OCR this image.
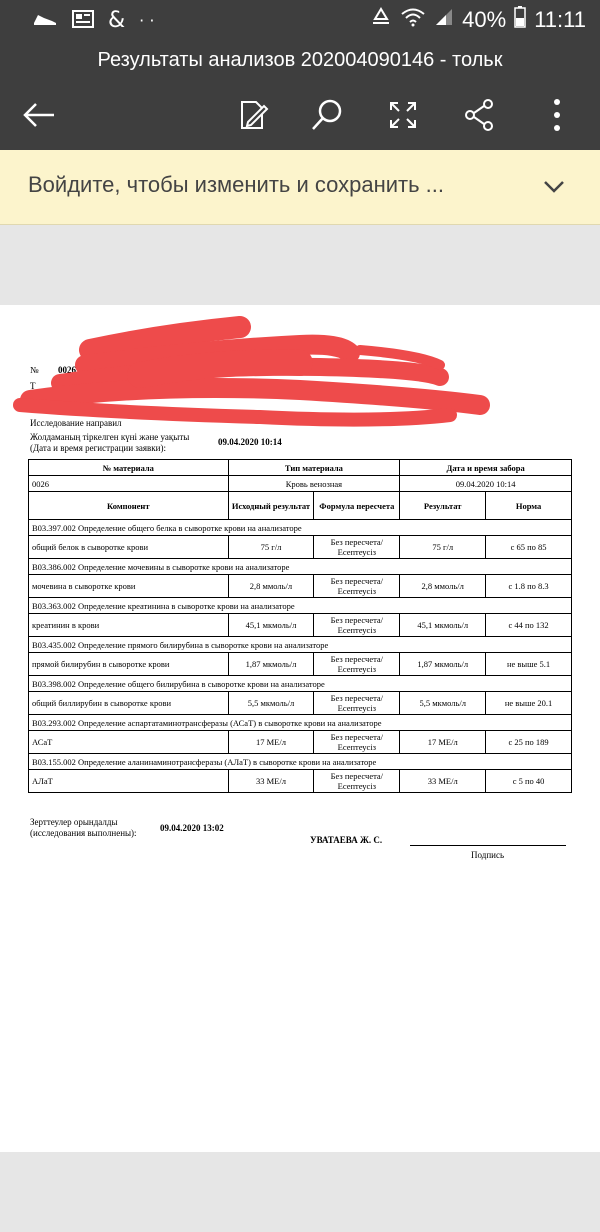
& · ·	40% 11:11
Результаты анализов 202004090146 - тольк
Войдите, чтобы изменить и сохранить ...
рская поли
№ 0026
Т
Туған күні
Исследование направил
Жолдаманың тіркелген күні және уақыты
(Дата и время регистрации заявки):
09.04.2020 10:14
№ материала	Тип материала		Дата и время забора	
0026	Кровь венозная		09.04.2020 10:14	
Компонент	Исходный результат	Формула пересчета	Результат	Норма
B03.397.002 Определение общего белка в сыворотке крови на анализаторе				
общий белок в сыворотке крови	75 г/л	Без пересчета/
Есептеусіз	75 г/л	с 65 по 85
B03.386.002 Определение мочевины в сыворотке крови на анализаторе				
мочевина в сыворотке крови	2,8 ммоль/л	Без пересчета/
Есептеусіз	2,8 ммоль/л	с 1.8 по 8.3
B03.363.002 Определение креатинина в сыворотке крови на анализаторе				
креатинин в крови	45,1 мкмоль/л	Без пересчета/
Есептеусіз	45,1 мкмоль/л	с 44 по 132
B03.435.002 Определение прямого билирубина в сыворотке крови на анализаторе				
прямой билирубин в сыворотке крови	1,87 мкмоль/л	Без пересчета/
Есептеусіз	1,87 мкмоль/л	не выше 5.1
B03.398.002 Определение общего билирубина в сыворотке крови на анализаторе				
общий биллирубин в сыворотке крови	5,5 мкмоль/л	Без пересчета/
Есептеусіз	5,5 мкмоль/л	не выше 20.1
B03.293.002 Определение аспартатаминотрансферазы (АСаТ) в сыворотке крови на анализаторе				
АСаТ	17 МЕ/л	Без пересчета/
Есептеусіз	17 МЕ/л	с 25 по 189
B03.155.002 Определение аланинаминотрансферазы (АЛаТ) в сыворотке крови на анализаторе				
АЛаТ	33 МЕ/л	Без пересчета/
Есептеусіз	33 МЕ/л	с 5 по 40
Зерттеулер орындалды
(исследования выполнены):	09.04.2020 13:02
УВАТАЕВА Ж. С.
Подпись
